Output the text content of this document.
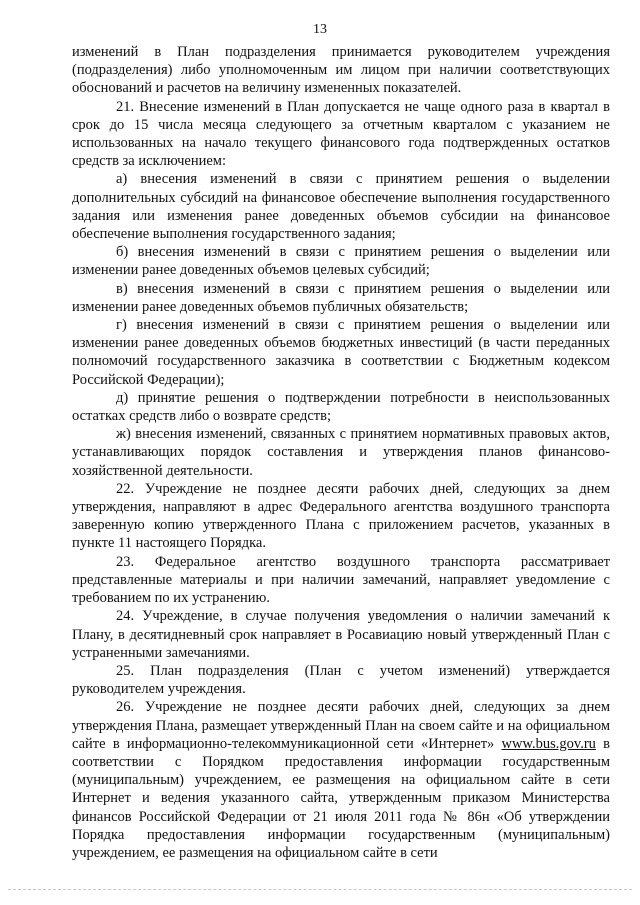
13

изменений в План подразделения принимается руководителем учреждения (подразделения) либо уполномоченным им лицом при наличии соответствующих обоснований и расчетов на величину измененных показателей.

21. Внесение изменений в План допускается не чаще одного раза в квартал в срок до 15 числа месяца следующего за отчетным кварталом с указанием не использованных на начало текущего финансового года подтвержденных остатков средств за исключением:

а) внесения изменений в связи с принятием решения о выделении дополнительных субсидий на финансовое обеспечение выполнения государственного задания или изменения ранее доведенных объемов субсидии на финансовое обеспечение выполнения государственного задания;

б) внесения изменений в связи с принятием решения о выделении или изменении ранее доведенных объемов целевых субсидий;

в) внесения изменений в связи с принятием решения о выделении или изменении ранее доведенных объемов публичных обязательств;

г) внесения изменений в связи с принятием решения о выделении или изменении ранее доведенных объемов бюджетных инвестиций (в части переданных полномочий государственного заказчика в соответствии с Бюджетным кодексом Российской Федерации);

д) принятие решения о подтверждении потребности в неиспользованных остатках средств либо о возврате средств;

ж) внесения изменений, связанных с принятием нормативных правовых актов, устанавливающих порядок составления и утверждения планов финансово-хозяйственной деятельности.

22. Учреждение не позднее десяти рабочих дней, следующих за днем утверждения, направляют в адрес Федерального агентства воздушного транспорта заверенную копию утвержденного Плана с приложением расчетов, указанных в пункте 11 настоящего Порядка.

23. Федеральное агентство воздушного транспорта рассматривает представленные материалы и при наличии замечаний, направляет уведомление с требованием по их устранению.

24. Учреждение, в случае получения уведомления о наличии замечаний к Плану, в десятидневный срок направляет в Росавиацию новый утвержденный План с устраненными замечаниями.

25. План подразделения (План с учетом изменений) утверждается руководителем учреждения.

26. Учреждение не позднее десяти рабочих дней, следующих за днем утверждения Плана, размещает утвержденный План на своем сайте и на официальном сайте в информационно-телекоммуникационной сети «Интернет» www.bus.gov.ru в соответствии с Порядком предоставления информации государственным (муниципальным) учреждением, ее размещения на официальном сайте в сети Интернет и ведения указанного сайта, утвержденным приказом Министерства финансов Российской Федерации от 21 июля 2011 года № 86н «Об утверждении Порядка предоставления информации государственным (муниципальным) учреждением, ее размещения на официальном сайте в сети
